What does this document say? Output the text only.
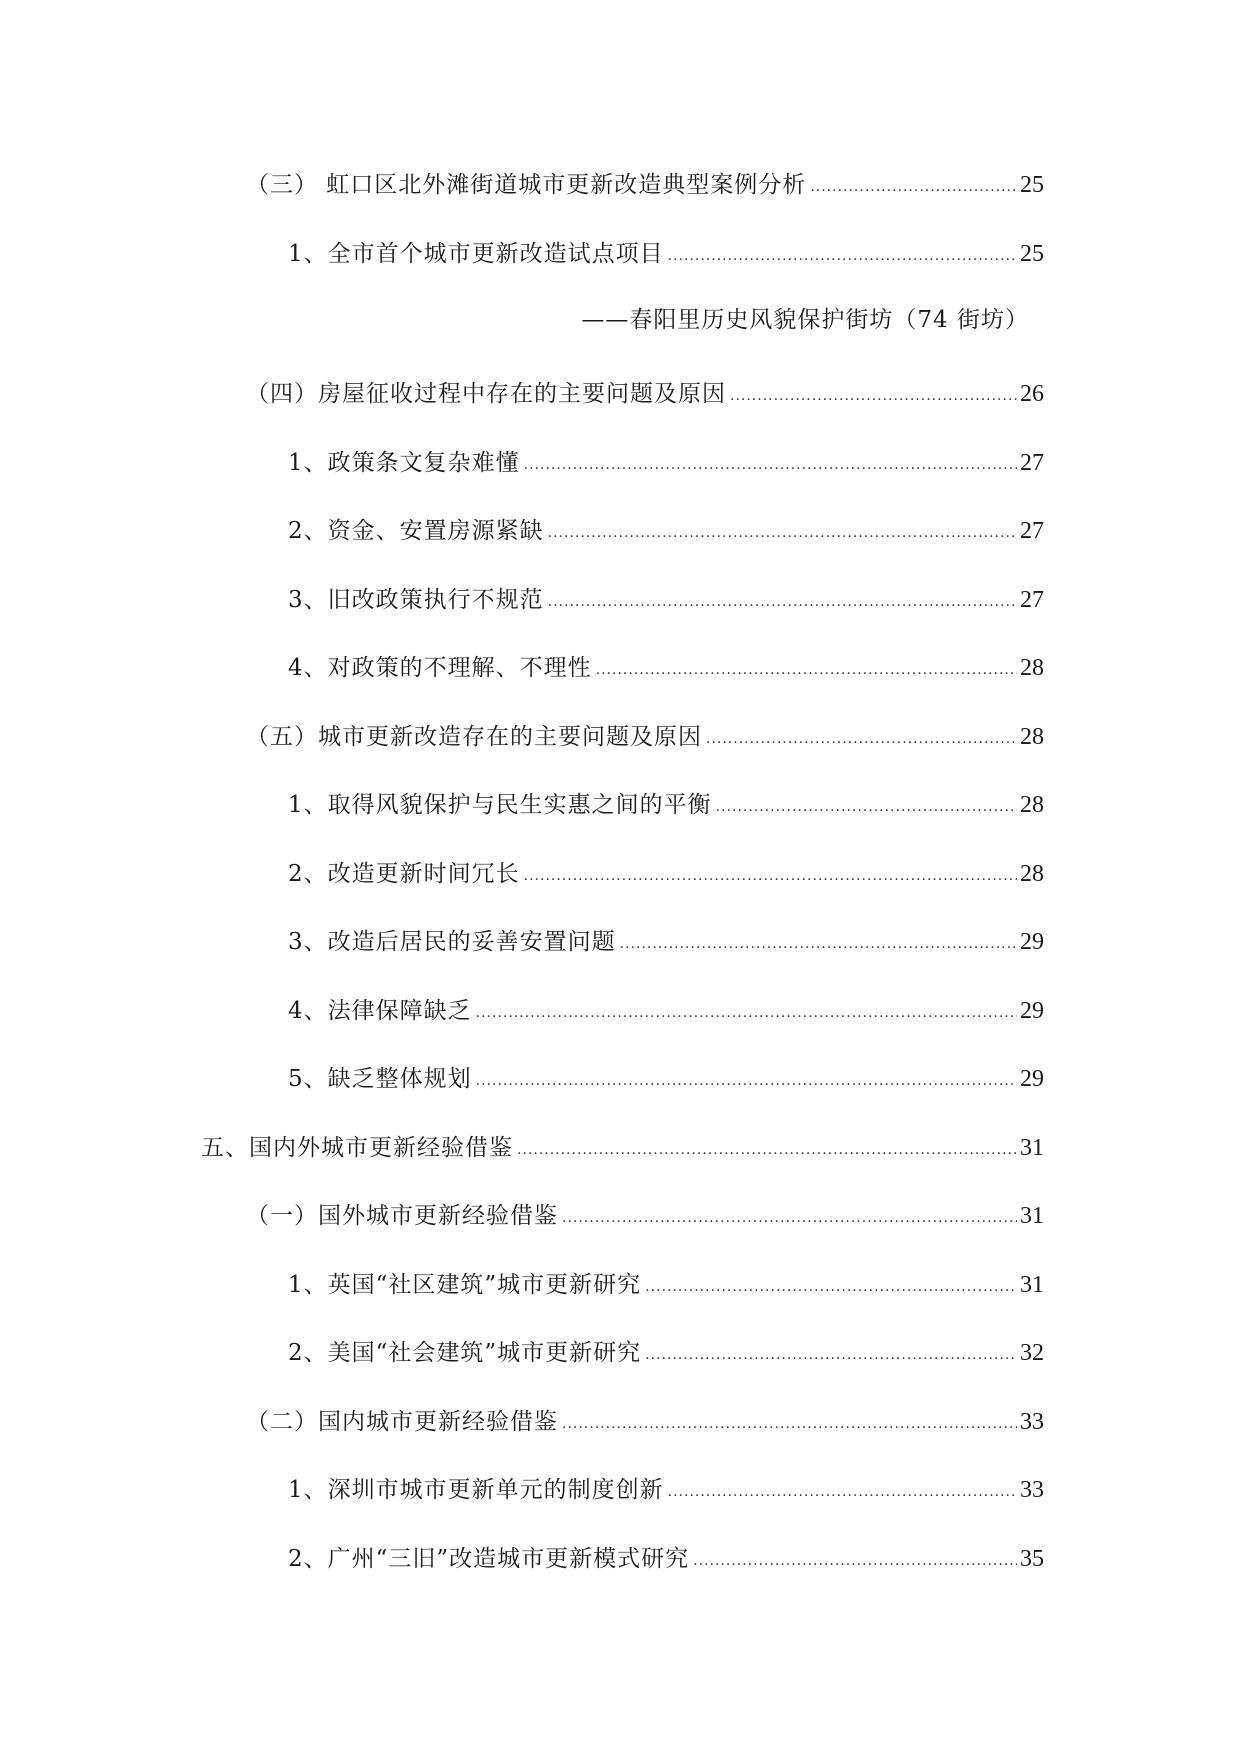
（三） 虹口区北外滩街道城市更新改造典型案例分析 .....	25
1、全市首个城市更新改造试点项目 .....	25
——春阳里历史风貌保护街坊（74 街坊）
（四）房屋征收过程中存在的主要问题及原因 .....	26
1、政策条文复杂难懂 .....	27
2、资金、安置房源紧缺 .....	27
3、旧改政策执行不规范 .....	27
4、对政策的不理解、不理性 .....	28
（五）城市更新改造存在的主要问题及原因 .....	28
1、取得风貌保护与民生实惠之间的平衡 .....	28
2、改造更新时间冗长 .....	28
3、改造后居民的妥善安置问题 .....	29
4、法律保障缺乏 .....	29
5、缺乏整体规划 .....	29
五、国内外城市更新经验借鉴 .....	31
（一）国外城市更新经验借鉴 .....	31
1、英国“社区建筑”城市更新研究 .....	31
2、美国“社会建筑”城市更新研究 .....	32
（二）国内城市更新经验借鉴 .....	33
1、深圳市城市更新单元的制度创新 .....	33
2、广州“三旧”改造城市更新模式研究 .....	35
